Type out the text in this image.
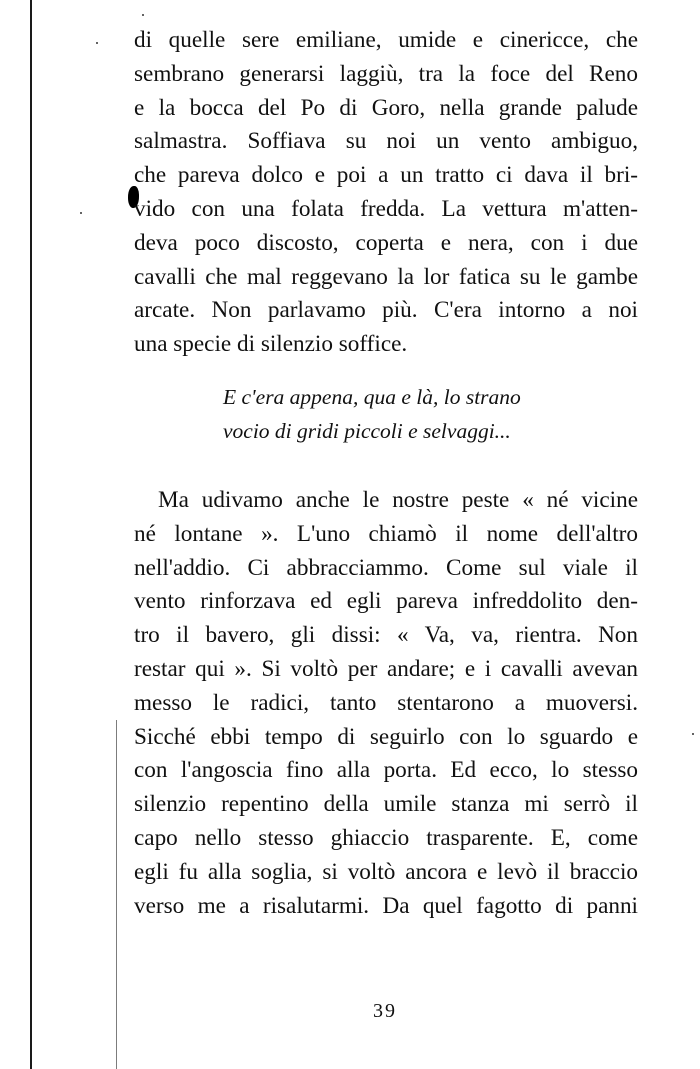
di quelle sere emiliane, umide e cinericce, che
sembrano generarsi laggiù, tra la foce del Reno
e la bocca del Po di Goro, nella grande palude
salmastra. Soffiava su noi un vento ambiguo,
che pareva dolco e poi a un tratto ci dava il bri-
vido con una folata fredda. La vettura m'atten-
deva poco discosto, coperta e nera, con i due
cavalli che mal reggevano la lor fatica su le gambe
arcate. Non parlavamo più. C'era intorno a noi
una specie di silenzio soffice.
E c'era appena, qua e là, lo strano
vocio di gridi piccoli e selvaggi...
Ma udivamo anche le nostre peste « né vicine
né lontane ». L'uno chiamò il nome dell'altro
nell'addio. Ci abbracciammo. Come sul viale il
vento rinforzava ed egli pareva infreddolito den-
tro il bavero, gli dissi: « Va, va, rientra. Non
restar qui ». Si voltò per andare; e i cavalli avevan
messo le radici, tanto stentarono a muoversi.
Sicché ebbi tempo di seguirlo con lo sguardo e
con l'angoscia fino alla porta. Ed ecco, lo stesso
silenzio repentino della umile stanza mi serrò il
capo nello stesso ghiaccio trasparente. E, come
egli fu alla soglia, si voltò ancora e levò il braccio
verso me a risalutarmi. Da quel fagotto di panni
39
